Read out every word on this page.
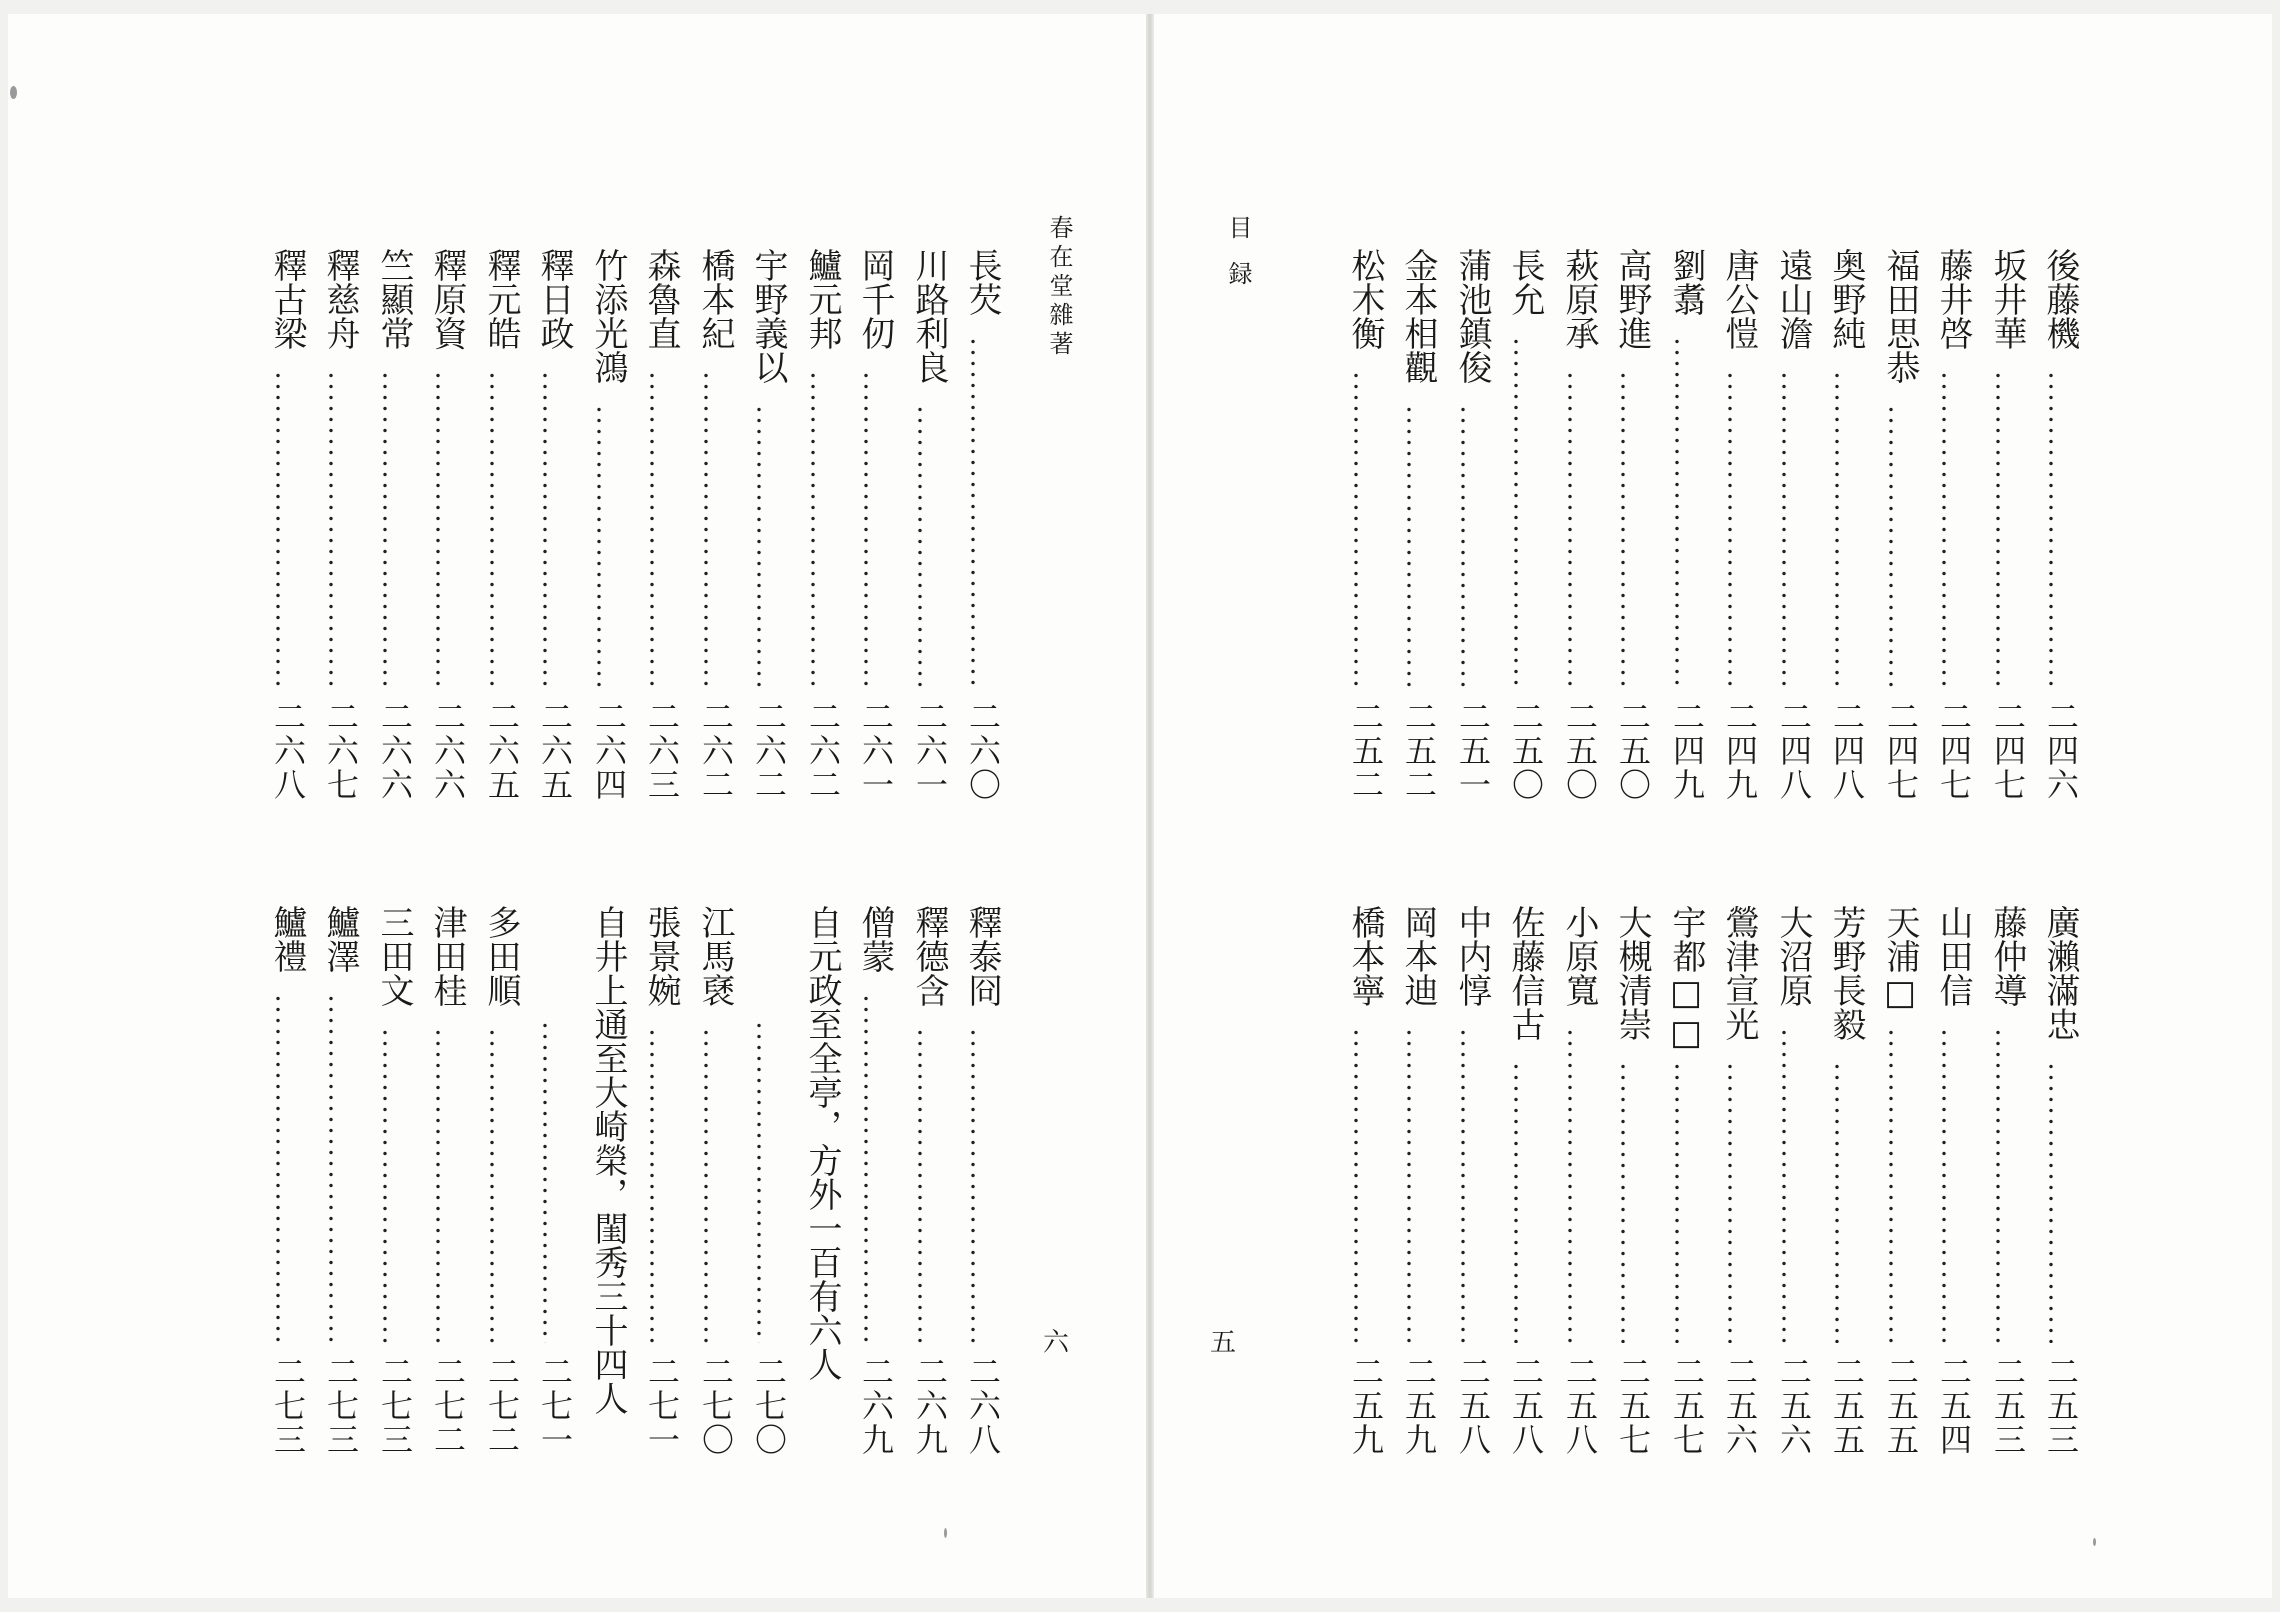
春在堂雜著	目録
六	五
後藤機
二四六
坂井華
二四七
藤井啓
二四七
福田思恭
二四七
奥野純
二四八
遠山澹
二四八
唐公愷
二四九
劉翥
二四九
高野進
二五〇
萩原承
二五〇
長允
二五〇
蒲池鎮俊
二五一
金本相觀
二五二
松木衡
二五二
廣瀨滿忠
二五三
藤仲導
二五三
山田信
二五四
天浦□
二五五
芳野長毅
二五五
大沼原
二五六
鶯津宣光
二五六
宇都□□
二五七
大槻清崇
二五七
小原寬
二五八
佐藤信古
二五八
中内惇
二五八
岡本迪
二五九
橋本寧
二五九
長芡
二六〇
川路利良
二六一
岡千仞
二六一
鱸元邦
二六二
宇野義以
二六二
橋本紀
二六二
森魯直
二六三
竹添光鴻
二六四
釋日政
二六五
釋元皓
二六五
釋原資
二六六
竺顯常
二六六
釋慈舟
二六七
釋古梁
二六八
釋泰冏
二六八
釋德含
二六九
僧蒙
二六九
自元政至全亭，方外一百有六人
二七〇
江馬褎
二七〇
張景婉
二七一
自井上通至大崎榮，閨秀三十四人
二七一
多田順
二七二
津田桂
二七二
三田文
二七三
鱸澤
二七三
鱸禮
二七三
